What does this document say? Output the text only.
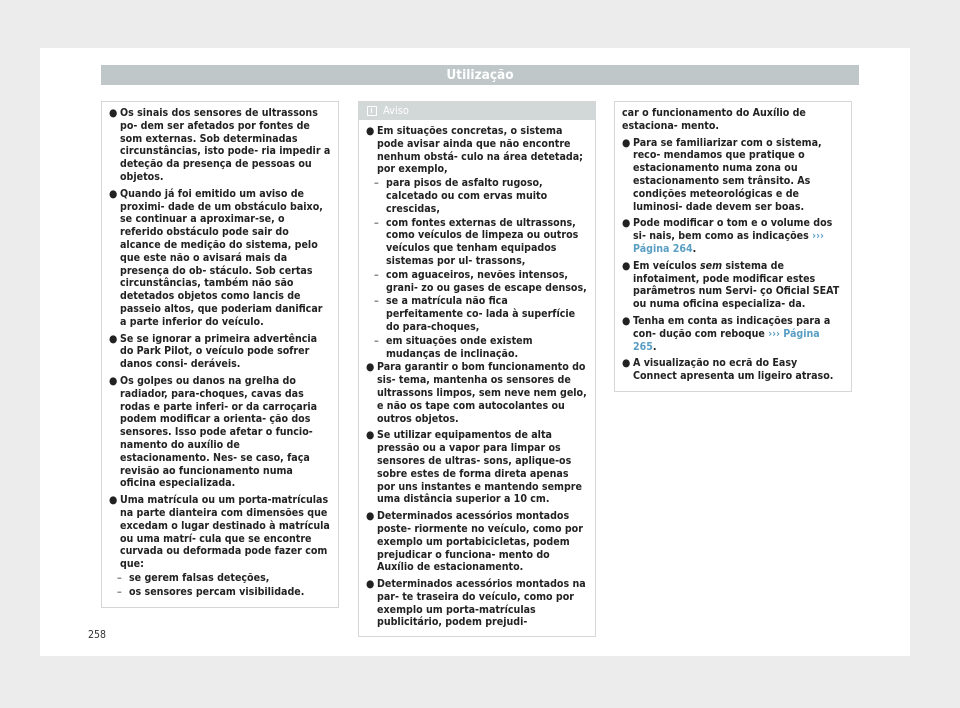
Utilização

● Os sinais dos sensores de ultrassons po- dem ser afetados por fontes de som externas. Sob determinadas circunstâncias, isto pode- ria impedir a deteção da presença de pessoas ou objetos.

● Quando já foi emitido um aviso de proximi- dade de um obstáculo baixo, se continuar a aproximar-se, o referido obstáculo pode sair do alcance de medição do sistema, pelo que este não o avisará mais da presença do ob- stáculo. Sob certas circunstâncias, também não são detetados objetos como lancis de passeio altos, que poderiam danificar a parte inferior do veículo.

● Se se ignorar a primeira advertência do Park Pilot, o veículo pode sofrer danos consi- deráveis.

● Os golpes ou danos na grelha do radiador, para-choques, cavas das rodas e parte inferi- or da carroçaria podem modificar a orienta- ção dos sensores. Isso pode afetar o funcio- namento do auxílio de estacionamento. Nes- se caso, faça revisão ao funcionamento numa oficina especializada.

● Uma matrícula ou um porta-matrículas na parte dianteira com dimensões que excedam o lugar destinado à matrícula ou uma matrí- cula que se encontre curvada ou deformada pode fazer com que:

– se gerem falsas deteções,
– os sensores percam visibilidade.
Aviso

● Em situações concretas, o sistema pode avisar ainda que não encontre nenhum obstá- culo na área detetada; por exemplo,

– para pisos de asfalto rugoso, calcetado ou com ervas muito crescidas,
– com fontes externas de ultrassons, como veículos de limpeza ou outros veículos que tenham equipados sistemas por ul- trassons,
– com aguaceiros, nevões intensos, grani- zo ou gases de escape densos,
– se a matrícula não fica perfeitamente co- lada à superfície do para-choques,
– em situações onde existem mudanças de inclinação.

● Para garantir o bom funcionamento do sis- tema, mantenha os sensores de ultrassons limpos, sem neve nem gelo, e não os tape com autocolantes ou outros objetos.

● Se utilizar equipamentos de alta pressão ou a vapor para limpar os sensores de ultras- sons, aplique-os sobre estes de forma direta apenas por uns instantes e mantendo sempre uma distância superior a 10 cm.

● Determinados acessórios montados poste- riormente no veículo, como por exemplo um portabicicletas, podem prejudicar o funciona- mento do Auxílio de estacionamento.

● Determinados acessórios montados na par- te traseira do veículo, como por exemplo um porta-matrículas publicitário, podem prejudi-

car o funcionamento do Auxílio de estaciona- mento.

● Para se familiarizar com o sistema, reco- mendamos que pratique o estacionamento numa zona ou estacionamento sem trânsito. As condições meteorológicas e de luminosi- dade devem ser boas.

● Pode modificar o tom e o volume dos si- nais, bem como as indicações ››› Página 264.

● Em veículos sem sistema de infotaiment, pode modificar estes parâmetros num Servi- ço Oficial SEAT ou numa oficina especializa- da.

● Tenha em conta as indicações para a con- dução com reboque ››› Página 265.

● A visualização no ecrã do Easy Connect apresenta um ligeiro atraso.

258
